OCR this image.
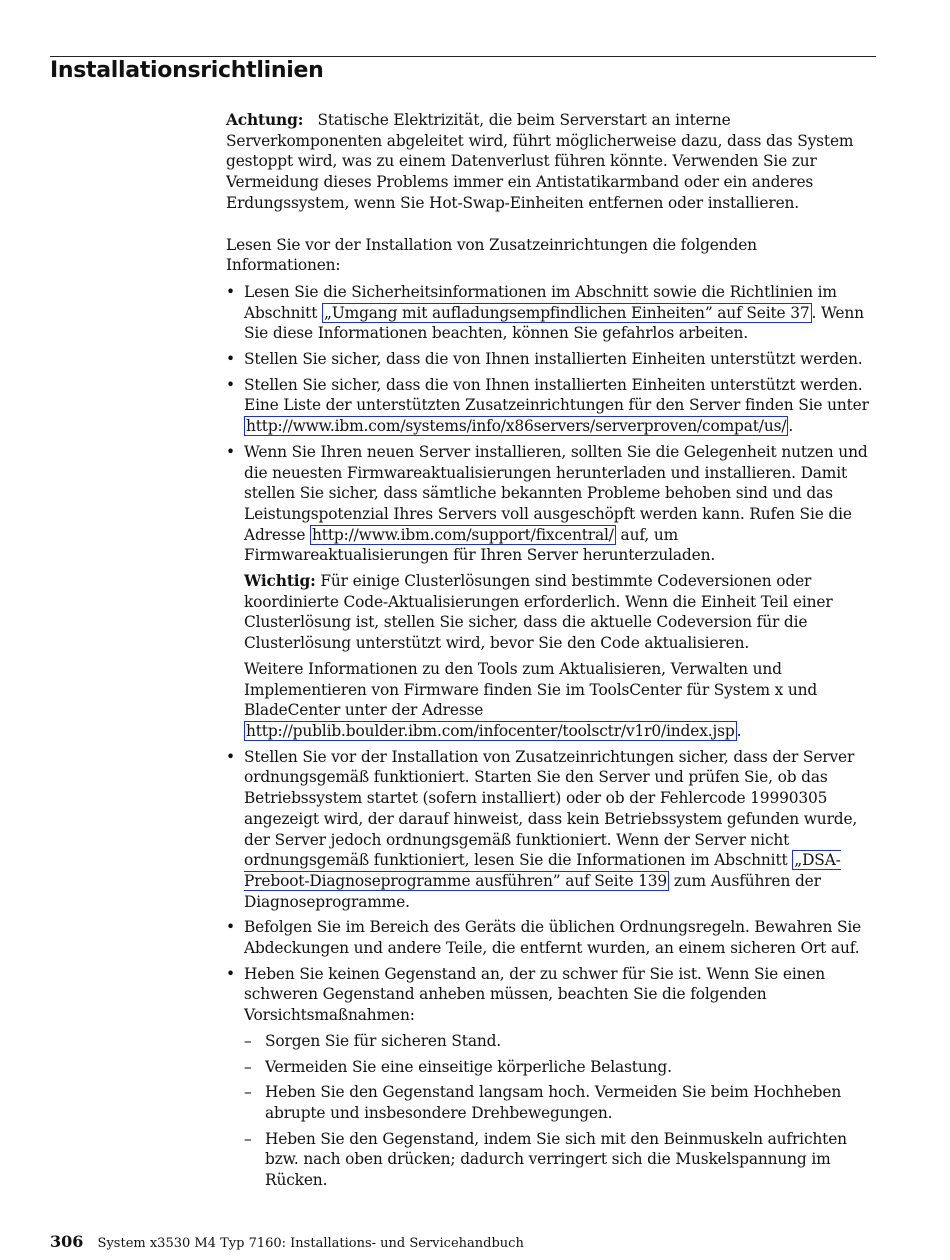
Installationsrichtlinien

Achtung: Statische Elektrizität, die beim Serverstart an interne Serverkomponenten abgeleitet wird, führt möglicherweise dazu, dass das System gestoppt wird, was zu einem Datenverlust führen könnte. Verwenden Sie zur Vermeidung dieses Problems immer ein Antistatikarmband oder ein anderes Erdungssystem, wenn Sie Hot-Swap-Einheiten entfernen oder installieren.

Lesen Sie vor der Installation von Zusatzeinrichtungen die folgenden Informationen:

• Lesen Sie die Sicherheitsinformationen im Abschnitt sowie die Richtlinien im Abschnitt „Umgang mit aufladungsempfindlichen Einheiten” auf Seite 37 . Wenn Sie diese Informationen beachten, können Sie gefahrlos arbeiten.
• Stellen Sie sicher, dass die von Ihnen installierten Einheiten unterstützt werden.
• Stellen Sie sicher, dass die von Ihnen installierten Einheiten unterstützt werden. Eine Liste der unterstützten Zusatzeinrichtungen für den Server finden Sie unter http://www.ibm.com/systems/info/x86servers/serverproven/compat/us/ .
• Wenn Sie Ihren neuen Server installieren, sollten Sie die Gelegenheit nutzen und die neuesten Firmwareaktualisierungen herunterladen und installieren. Damit stellen Sie sicher, dass sämtliche bekannten Probleme behoben sind und das Leistungspotenzial Ihres Servers voll ausgeschöpft werden kann. Rufen Sie die Adresse http://www.ibm.com/support/fixcentral/ auf, um Firmwareaktualisierungen für Ihren Server herunterzuladen.

Wichtig: Für einige Clusterlösungen sind bestimmte Codeversionen oder koordinierte Code-Aktualisierungen erforderlich. Wenn die Einheit Teil einer Clusterlösung ist, stellen Sie sicher, dass die aktuelle Codeversion für die Clusterlösung unterstützt wird, bevor Sie den Code aktualisieren.

Weitere Informationen zu den Tools zum Aktualisieren, Verwalten und Implementieren von Firmware finden Sie im ToolsCenter für System x und BladeCenter unter der Adresse http://publib.boulder.ibm.com/infocenter/toolsctr/v1r0/index.jsp .

• Stellen Sie vor der Installation von Zusatzeinrichtungen sicher, dass der Server ordnungsgemäß funktioniert. Starten Sie den Server und prüfen Sie, ob das Betriebssystem startet (sofern installiert) oder ob der Fehlercode 19990305 angezeigt wird, der darauf hinweist, dass kein Betriebssystem gefunden wurde, der Server jedoch ordnungsgemäß funktioniert. Wenn der Server nicht ordnungsgemäß funktioniert, lesen Sie die Informationen im Abschnitt „DSA-Preboot-Diagnoseprogramme ausführen” auf Seite 139 zum Ausführen der Diagnoseprogramme.
• Befolgen Sie im Bereich des Geräts die üblichen Ordnungsregeln. Bewahren Sie Abdeckungen und andere Teile, die entfernt wurden, an einem sicheren Ort auf.
• Heben Sie keinen Gegenstand an, der zu schwer für Sie ist. Wenn Sie einen schweren Gegenstand anheben müssen, beachten Sie die folgenden Vorsichtsmaßnahmen:
– Sorgen Sie für sicheren Stand.
– Vermeiden Sie eine einseitige körperliche Belastung.
– Heben Sie den Gegenstand langsam hoch. Vermeiden Sie beim Hochheben abrupte und insbesondere Drehbewegungen.
– Heben Sie den Gegenstand, indem Sie sich mit den Beinmuskeln aufrichten bzw. nach oben drücken; dadurch verringert sich die Muskelspannung im Rücken.
306 System x3530 M4 Typ 7160: Installations- und Servicehandbuch
